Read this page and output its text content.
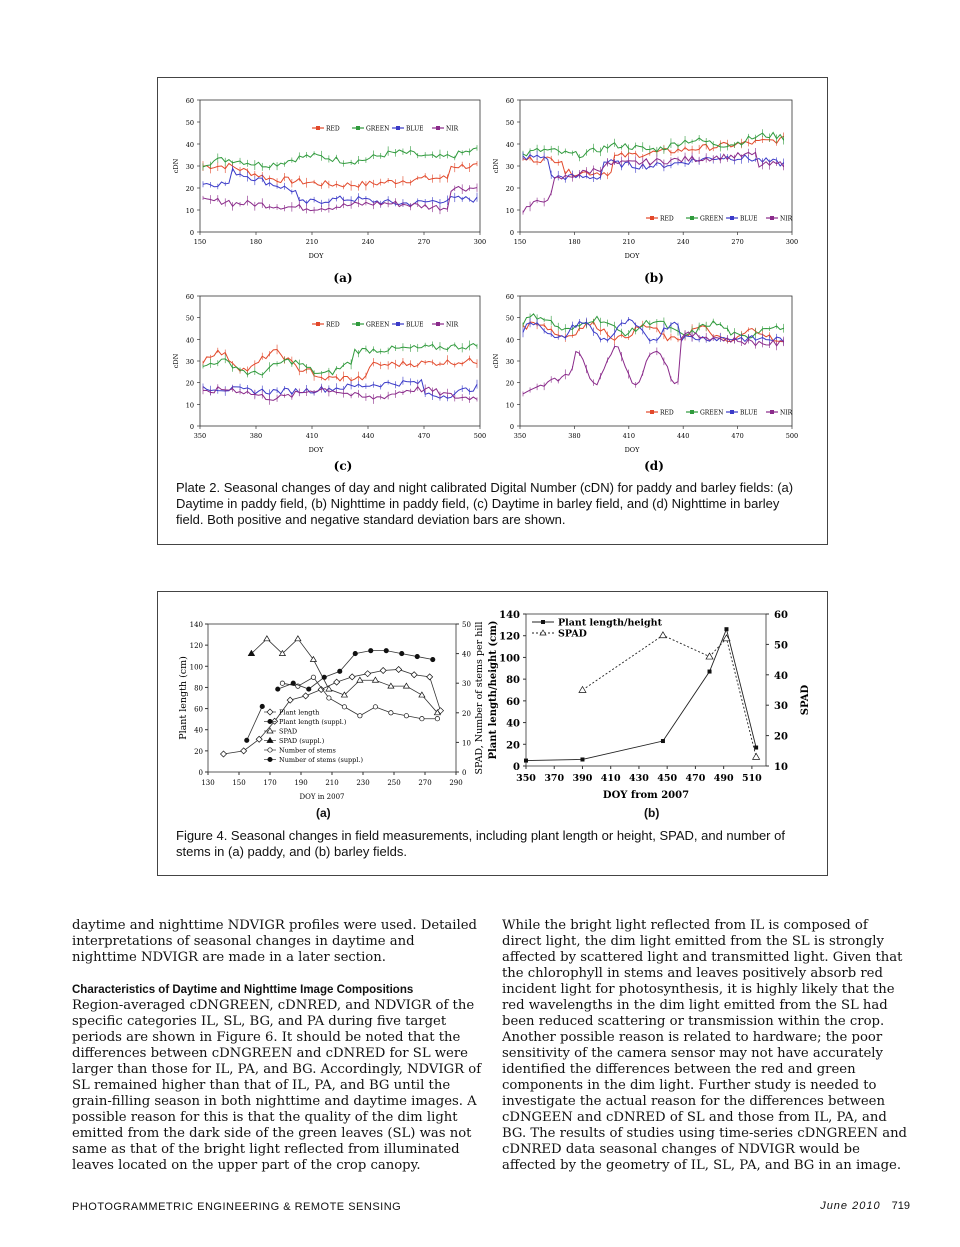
0
10
20
30
40
50
60
150	180	210	240	270	300
DOY
cDN
RED	GREEN	BLUE	NIR
(a)
0
10
20
30
40
50
60
150	180	210	240	270	300
DOY
cDN
RED	GREEN	BLUE	NIR
(b)
0
10
20
30
40
50
60
350	380	410	440	470	500
DOY
cDN
RED	GREEN	BLUE	NIR
(c)
0
10
20
30
40
50
60
350	380	410	440	470	500
DOY
cDN
RED	GREEN	BLUE	NIR
(d)
Plate 2. Seasonal changes of day and night calibrated Digital Number (cDN) for paddy and barley fields: (a) Daytime in paddy field, (b) Nighttime in paddy field, (c) Daytime in barley field, and (d) Nighttime in barley field. Both positive and negative standard deviation bars are shown.
0
20
40
60
80
100
120
140
0
10
20
30
40
50
130	150	170	190	210	230	250	270	290
DOY in 2007
Plant length (cm)	SPAD, Number of stems per hill
Plant length
Plant length (suppl.)
SPAD
SPAD (suppl.)
Number of stems
Number of stems (suppl.)
0
20
40
60
80
100
120
140
10
20
30
40
50
60
350 370 390 410 430 450 470 490 510
DOY from 2007
Plant length/height (cm)	SPAD
Plant length/height
SPAD
(a)	(b)
Figure 4. Seasonal changes in field measurements, including plant length or height, SPAD, and number of stems in (a) paddy, and (b) barley fields.

daytime and nighttime NDVIGR profiles were used. Detailed interpretations of seasonal changes in daytime and nighttime NDVIGR are made in a later section.

Characteristics of Daytime and Nighttime Image Compositions

Region-averaged cDNGREEN, cDNRED, and NDVIGR of the specific categories IL, SL, BG, and PA during five target periods are shown in Figure 6. It should be noted that the differences between cDNGREEN and cDNRED for SL were larger than those for IL, PA, and BG. Accordingly, NDVIGR of SL remained higher than that of IL, PA, and BG until the grain-filling season in both nighttime and daytime images. A possible reason for this is that the quality of the dim light emitted from the dark side of the green leaves (SL) was not same as that of the bright light reflected from illuminated leaves located on the upper part of the crop canopy.

While the bright light reflected from IL is composed of direct light, the dim light emitted from the SL is strongly affected by scattered light and transmitted light. Given that the chlorophyll in stems and leaves positively absorb red incident light for photosynthesis, it is highly likely that the red wavelengths in the dim light emitted from the SL had been reduced scattering or transmission within the crop. Another possible reason is related to hardware; the poor sensitivity of the camera sensor may not have accurately identified the differences between the red and green components in the dim light. Further study is needed to investigate the actual reason for the differences between cDNGEEN and cDNRED of SL and those from IL, PA, and BG. The results of studies using time-series cDNGREEN and cDNRED data seasonal changes of NDVIGR would be affected by the geometry of IL, SL, PA, and BG in an image.

PHOTOGRAMMETRIC ENGINEERING & REMOTE SENSING	June 2010 719
